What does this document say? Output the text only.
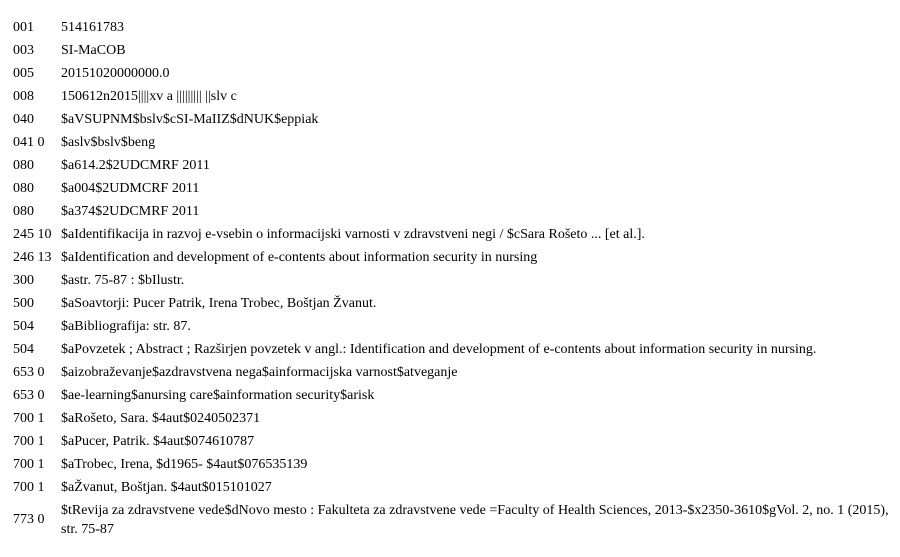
001 514161783
003 SI-MaCOB
005 20151020000000.0
008 150612n2015||||xv a ||||||||| ||slv c
040 $aVSUPNM$bslv$cSI-MaIIZ$dNUK$eppiak
041 0 $aslv$bslv$beng
080 $a614.2$2UDCMRF 2011
080 $a004$2UDMCRF 2011
080 $a374$2UDCMRF 2011
245 10 $aIdentifikacija in razvoj e-vsebin o informacijski varnosti v zdravstveni negi / $cSara Rošeto ... [et al.].
246 13 $aIdentification and development of e-contents about information security in nursing
300 $astr. 75-87 : $bIlustr.
500 $aSoavtorji: Pucer Patrik, Irena Trobec, Boštjan Žvanut.
504 $aBibliografija: str. 87.
504 $aPovzetek ; Abstract ; Razširjen povzetek v angl.: Identification and development of e-contents about information security in nursing.
653 0 $aizobraževanje$azdravstvena nega$ainformacijska varnost$atveganje
653 0 $ae-learning$anursing care$ainformation security$arisk
700 1 $aRošeto, Sara. $4aut$0240502371
700 1 $aPucer, Patrik. $4aut$074610787
700 1 $aTrobec, Irena, $d1965- $4aut$076535139
700 1 $aŽvanut, Boštjan. $4aut$015101027
773 0
$tRevija za zdravstvene vede$dNovo mesto : Fakulteta za zdravstvene vede =Faculty of Health Sciences, 2013-$x2350-3610$gVol. 2, no. 1 (2015), str. 75-87
